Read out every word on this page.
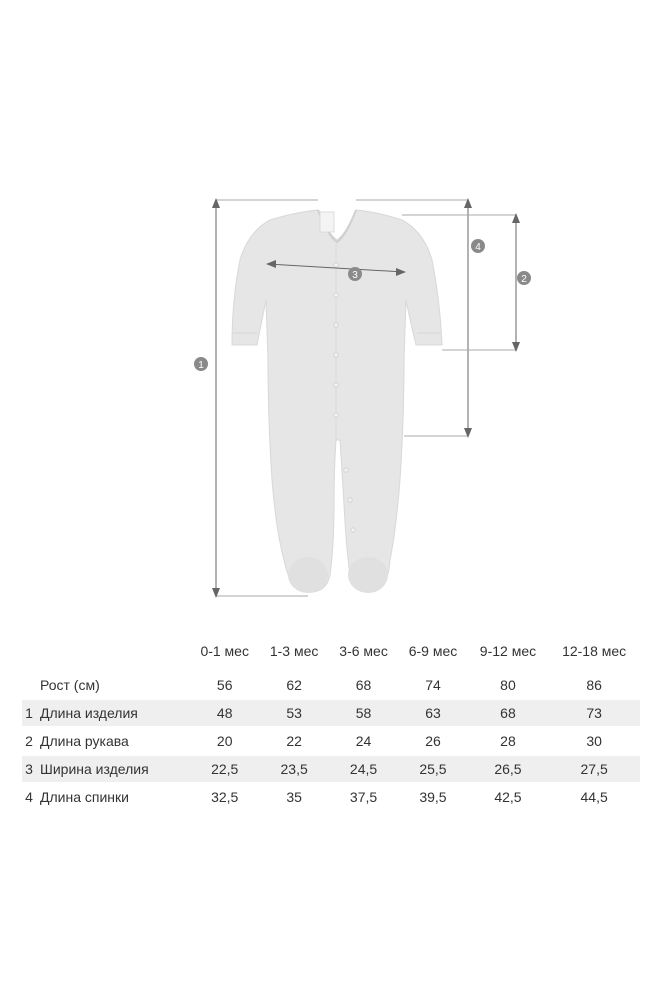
1
2
3
4
		0-1 мес	1-3 мес	3-6 мес	6-9 мес	9-12 мес	12-18 мес
	Рост (см)	56	62	68	74	80	86
1	Длина изделия	48	53	58	63	68	73
2	Длина рукава	20	22	24	26	28	30
3	Ширина изделия	22,5	23,5	24,5	25,5	26,5	27,5
4	Длина спинки	32,5	35	37,5	39,5	42,5	44,5
